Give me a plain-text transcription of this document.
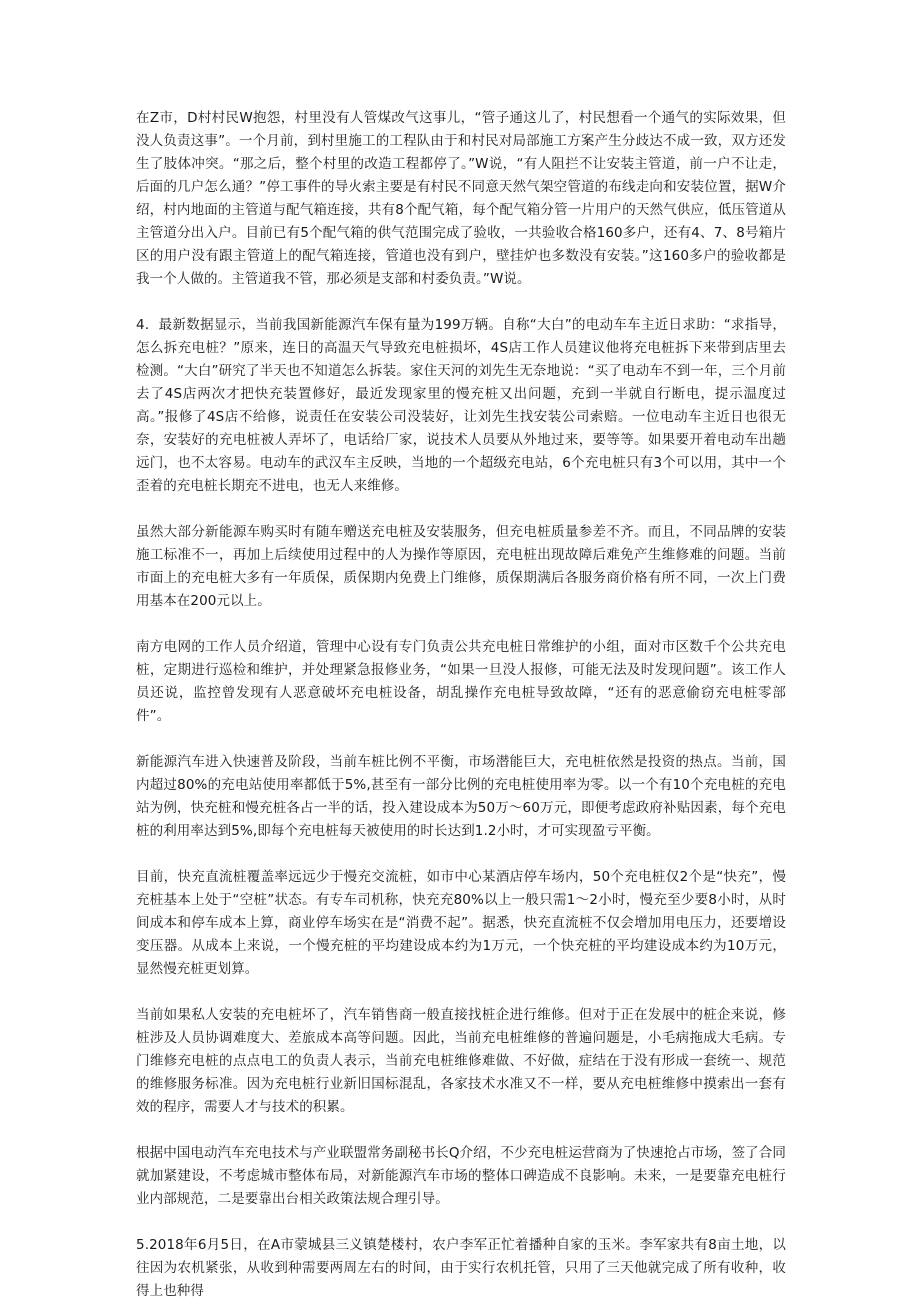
在Z市，D村村民W抱怨，村里没有人管煤改气这事儿，“管子通这儿了，村民想看一个通气的实际效果，但没人负责这事”。一个月前，到村里施工的工程队由于和村民对局部施工方案产生分歧达不成一致，双方还发生了肢体冲突。“那之后，整个村里的改造工程都停了。”W说，“有人阻拦不让安装主管道，前一户不让走，后面的几户怎么通？”停工事件的导火索主要是有村民不同意天然气架空管道的布线走向和安装位置，据W介绍，村内地面的主管道与配气箱连接，共有8个配气箱，每个配气箱分管一片用户的天然气供应，低压管道从主管道分出入户。目前已有5个配气箱的供气范围完成了验收，一共验收合格160多户，还有4、7、8号箱片区的用户没有跟主管道上的配气箱连接，管道也没有到户，壁挂炉也多数没有安装。”这160多户的验收都是我一个人做的。主管道我不管，那必须是支部和村委负责。”W说。

4．最新数据显示，当前我国新能源汽车保有量为199万辆。自称“大白”的电动车车主近日求助：“求指导，怎么拆充电桩？”原来，连日的高温天气导致充电桩损坏，4S店工作人员建议他将充电桩拆下来带到店里去检测。“大白”研究了半天也不知道怎么拆装。家住天河的刘先生无奈地说：“买了电动车不到一年，三个月前去了4S店两次才把快充装置修好，最近发现家里的慢充桩又出问题，充到一半就自行断电，提示温度过高。”报修了4S店不给修，说责任在安装公司没装好，让刘先生找安装公司索赔。一位电动车主近日也很无奈，安装好的充电桩被人弄坏了，电话给厂家，说技术人员要从外地过来，要等等。如果要开着电动车出趟远门，也不太容易。电动车的武汉车主反映，当地的一个超级充电站，6个充电桩只有3个可以用，其中一个歪着的充电桩长期充不进电，也无人来维修。

虽然大部分新能源车购买时有随车赠送充电桩及安装服务，但充电桩质量参差不齐。而且，不同品牌的安装施工标准不一，再加上后续使用过程中的人为操作等原因，充电桩出现故障后难免产生维修难的问题。当前市面上的充电桩大多有一年质保，质保期内免费上门维修，质保期满后各服务商价格有所不同，一次上门费用基本在200元以上。

南方电网的工作人员介绍道，管理中心设有专门负责公共充电桩日常维护的小组，面对市区数千个公共充电桩，定期进行巡检和维护，并处理紧急报修业务，“如果一旦没人报修，可能无法及时发现问题”。该工作人员还说，监控曾发现有人恶意破坏充电桩设备，胡乱操作充电桩导致故障，“还有的恶意偷窃充电桩零部件”。

新能源汽车进入快速普及阶段，当前车桩比例不平衡，市场潜能巨大，充电桩依然是投资的热点。当前，国内超过80%的充电站使用率都低于5%,甚至有一部分比例的充电桩使用率为零。以一个有10个充电桩的充电站为例，快充桩和慢充桩各占一半的话，投入建设成本为50万～60万元，即便考虑政府补贴因素，每个充电桩的利用率达到5%,即每个充电桩每天被使用的时长达到1.2小时，才可实现盈亏平衡。

目前，快充直流桩覆盖率远远少于慢充交流桩，如市中心某酒店停车场内，50个充电桩仅2个是“快充”，慢充桩基本上处于“空桩”状态。有专车司机称，快充充80%以上一般只需1～2小时，慢充至少要8小时，从时间成本和停车成本上算，商业停车场实在是“消费不起”。据悉，快充直流桩不仅会增加用电压力，还要增设变压器。从成本上来说，一个慢充桩的平均建设成本约为1万元，一个快充桩的平均建设成本约为10万元，显然慢充桩更划算。

当前如果私人安装的充电桩坏了，汽车销售商一般直接找桩企进行维修。但对于正在发展中的桩企来说，修桩涉及人员协调难度大、差旅成本高等问题。因此，当前充电桩维修的普遍问题是，小毛病拖成大毛病。专门维修充电桩的点点电工的负责人表示，当前充电桩维修难做、不好做，症结在于没有形成一套统一、规范的维修服务标准。因为充电桩行业新旧国标混乱，各家技术水准又不一样，要从充电桩维修中摸索出一套有效的程序，需要人才与技术的积累。

根据中国电动汽车充电技术与产业联盟常务副秘书长Q介绍，不少充电桩运营商为了快速抢占市场，签了合同就加紧建设，不考虑城市整体布局，对新能源汽车市场的整体口碑造成不良影响。未来，一是要靠充电桩行业内部规范，二是要靠出台相关政策法规合理引导。

5.2018年6月5日，在A市蒙城县三义镇楚楼村，农户李军正忙着播种自家的玉米。李军家共有8亩土地，以往因为农机紧张，从收到种需要两周左右的时间，由于实行农机托管，只用了三天他就完成了所有收种，收得上也种得
